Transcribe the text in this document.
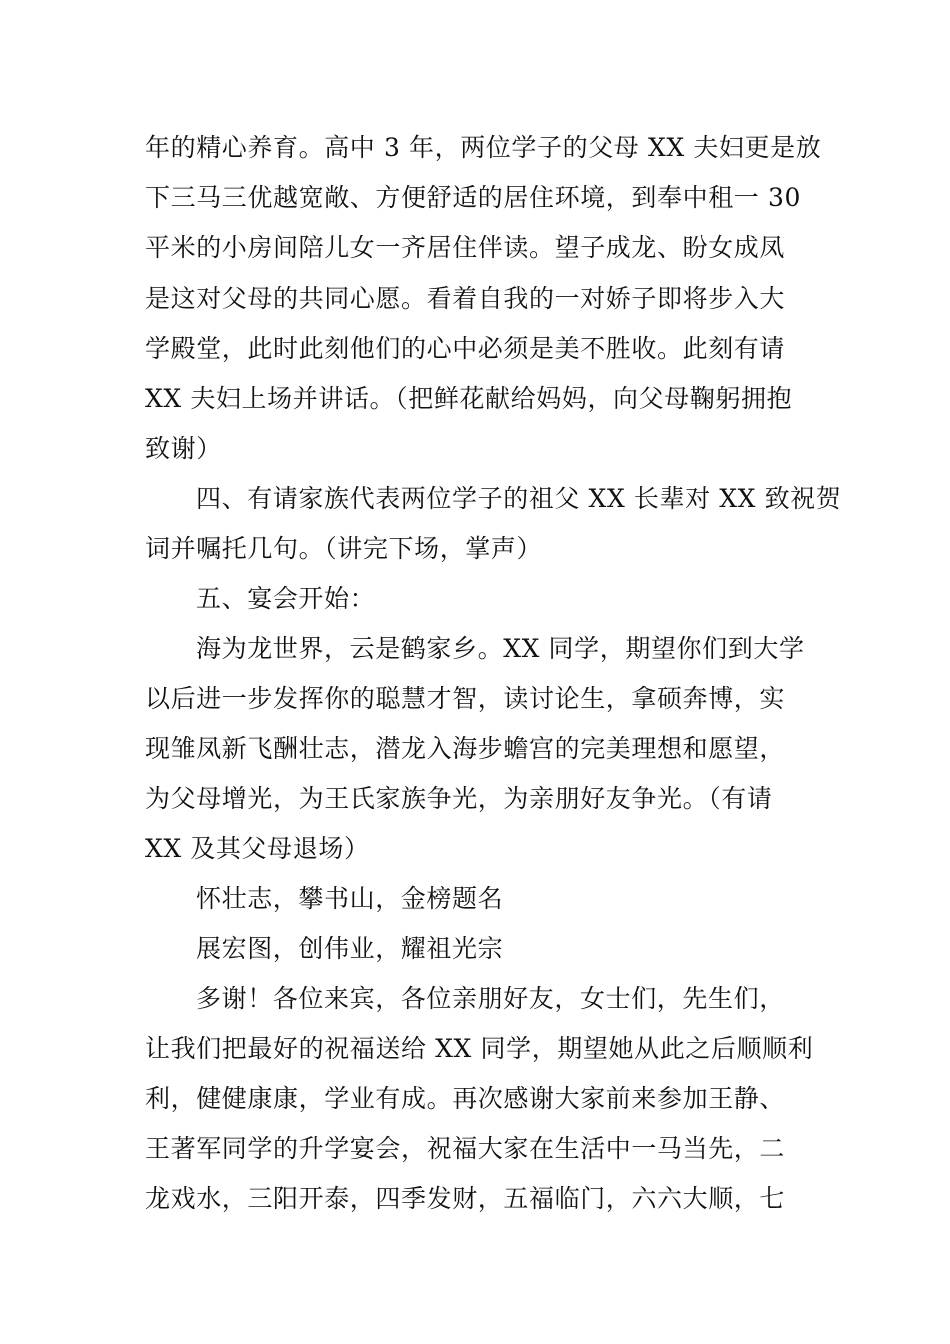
年的精心养育。高中 3 年，两位学子的父母 XX 夫妇更是放
下三马三优越宽敞、方便舒适的居住环境，到奉中租一 30
平米的小房间陪儿女一齐居住伴读。望子成龙、盼女成凤
是这对父母的共同心愿。看着自我的一对娇子即将步入大
学殿堂，此时此刻他们的心中必须是美不胜收。此刻有请
XX 夫妇上场并讲话。（把鲜花献给妈妈，向父母鞠躬拥抱
致谢）
四、有请家族代表两位学子的祖父 XX 长辈对 XX 致祝贺
词并嘱托几句。（讲完下场，掌声）
五、宴会开始：
海为龙世界，云是鹤家乡。XX 同学，期望你们到大学
以后进一步发挥你的聪慧才智，读讨论生，拿硕奔博，实
现雏凤新飞酬壮志，潜龙入海步蟾宫的完美理想和愿望，
为父母增光，为王氏家族争光，为亲朋好友争光。（有请
XX 及其父母退场）
怀壮志，攀书山，金榜题名
展宏图，创伟业，耀祖光宗
多谢！各位来宾，各位亲朋好友，女士们，先生们，
让我们把最好的祝福送给 XX 同学，期望她从此之后顺顺利
利，健健康康，学业有成。再次感谢大家前来参加王静、
王著军同学的升学宴会，祝福大家在生活中一马当先，二
龙戏水，三阳开泰，四季发财，五福临门，六六大顺，七
